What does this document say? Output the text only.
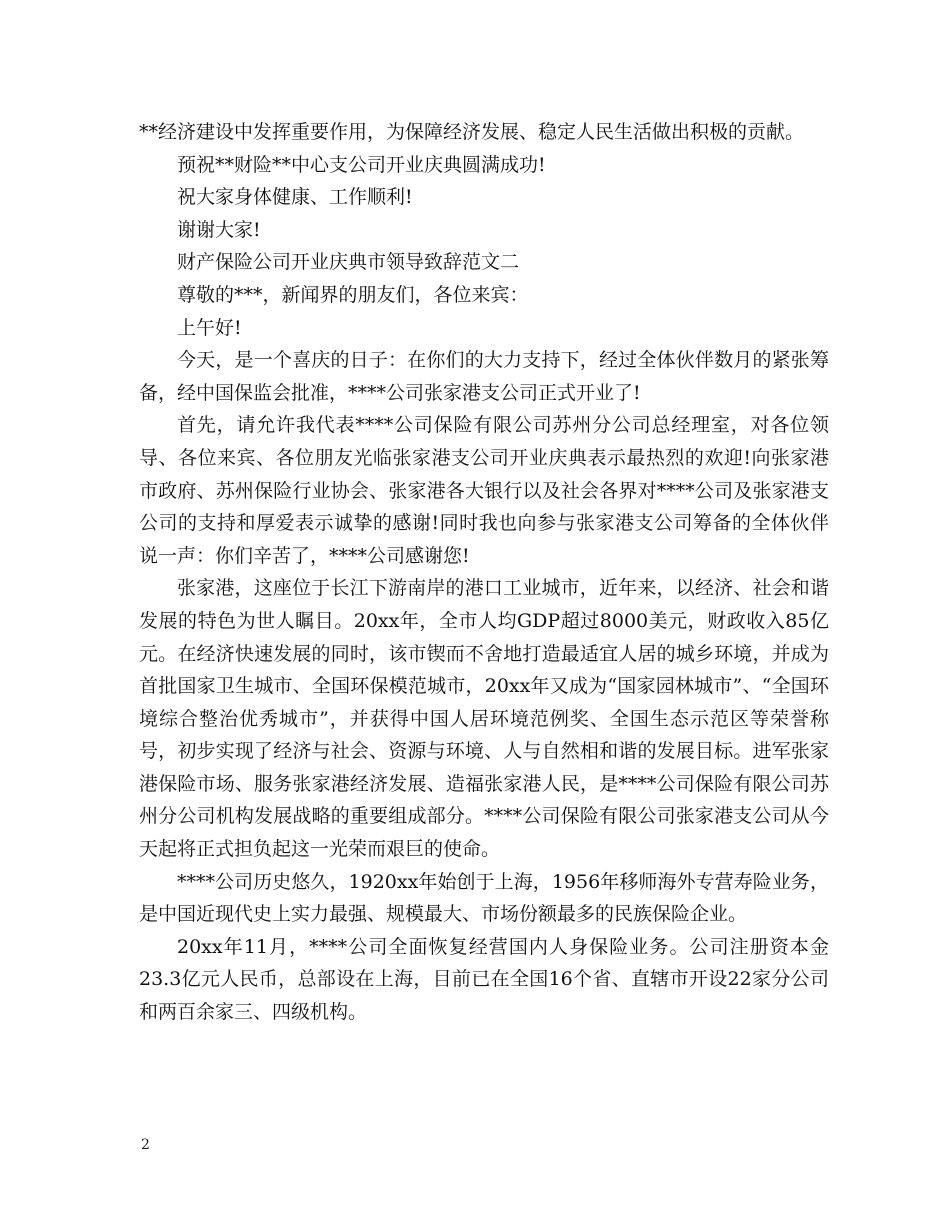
**经济建设中发挥重要作用，为保障经济发展、稳定人民生活做出积极的贡献。

预祝**财险**中心支公司开业庆典圆满成功!

祝大家身体健康、工作顺利!

谢谢大家!

财产保险公司开业庆典市领导致辞范文二

尊敬的***，新闻界的朋友们，各位来宾：

上午好!

今天，是一个喜庆的日子：在你们的大力支持下，经过全体伙伴数月的紧张筹备，经中国保监会批准，****公司张家港支公司正式开业了!

首先，请允许我代表****公司保险有限公司苏州分公司总经理室，对各位领导、各位来宾、各位朋友光临张家港支公司开业庆典表示最热烈的欢迎!向张家港市政府、苏州保险行业协会、张家港各大银行以及社会各界对****公司及张家港支公司的支持和厚爱表示诚挚的感谢!同时我也向参与张家港支公司筹备的全体伙伴说一声：你们辛苦了，****公司感谢您!

张家港，这座位于长江下游南岸的港口工业城市，近年来，以经济、社会和谐发展的特色为世人瞩目。20xx年，全市人均GDP超过8000美元，财政收入85亿元。在经济快速发展的同时，该市锲而不舍地打造最适宜人居的城乡环境，并成为首批国家卫生城市、全国环保模范城市，20xx年又成为“国家园林城市”、“全国环境综合整治优秀城市”，并获得中国人居环境范例奖、全国生态示范区等荣誉称号，初步实现了经济与社会、资源与环境、人与自然相和谐的发展目标。进军张家港保险市场、服务张家港经济发展、造福张家港人民，是****公司保险有限公司苏州分公司机构发展战略的重要组成部分。****公司保险有限公司张家港支公司从今天起将正式担负起这一光荣而艰巨的使命。

****公司历史悠久，1920xx年始创于上海，1956年移师海外专营寿险业务，是中国近现代史上实力最强、规模最大、市场份额最多的民族保险企业。

20xx年11月，****公司全面恢复经营国内人身保险业务。公司注册资本金23.3亿元人民币，总部设在上海，目前已在全国16个省、直辖市开设22家分公司和两百余家三、四级机构。

2
